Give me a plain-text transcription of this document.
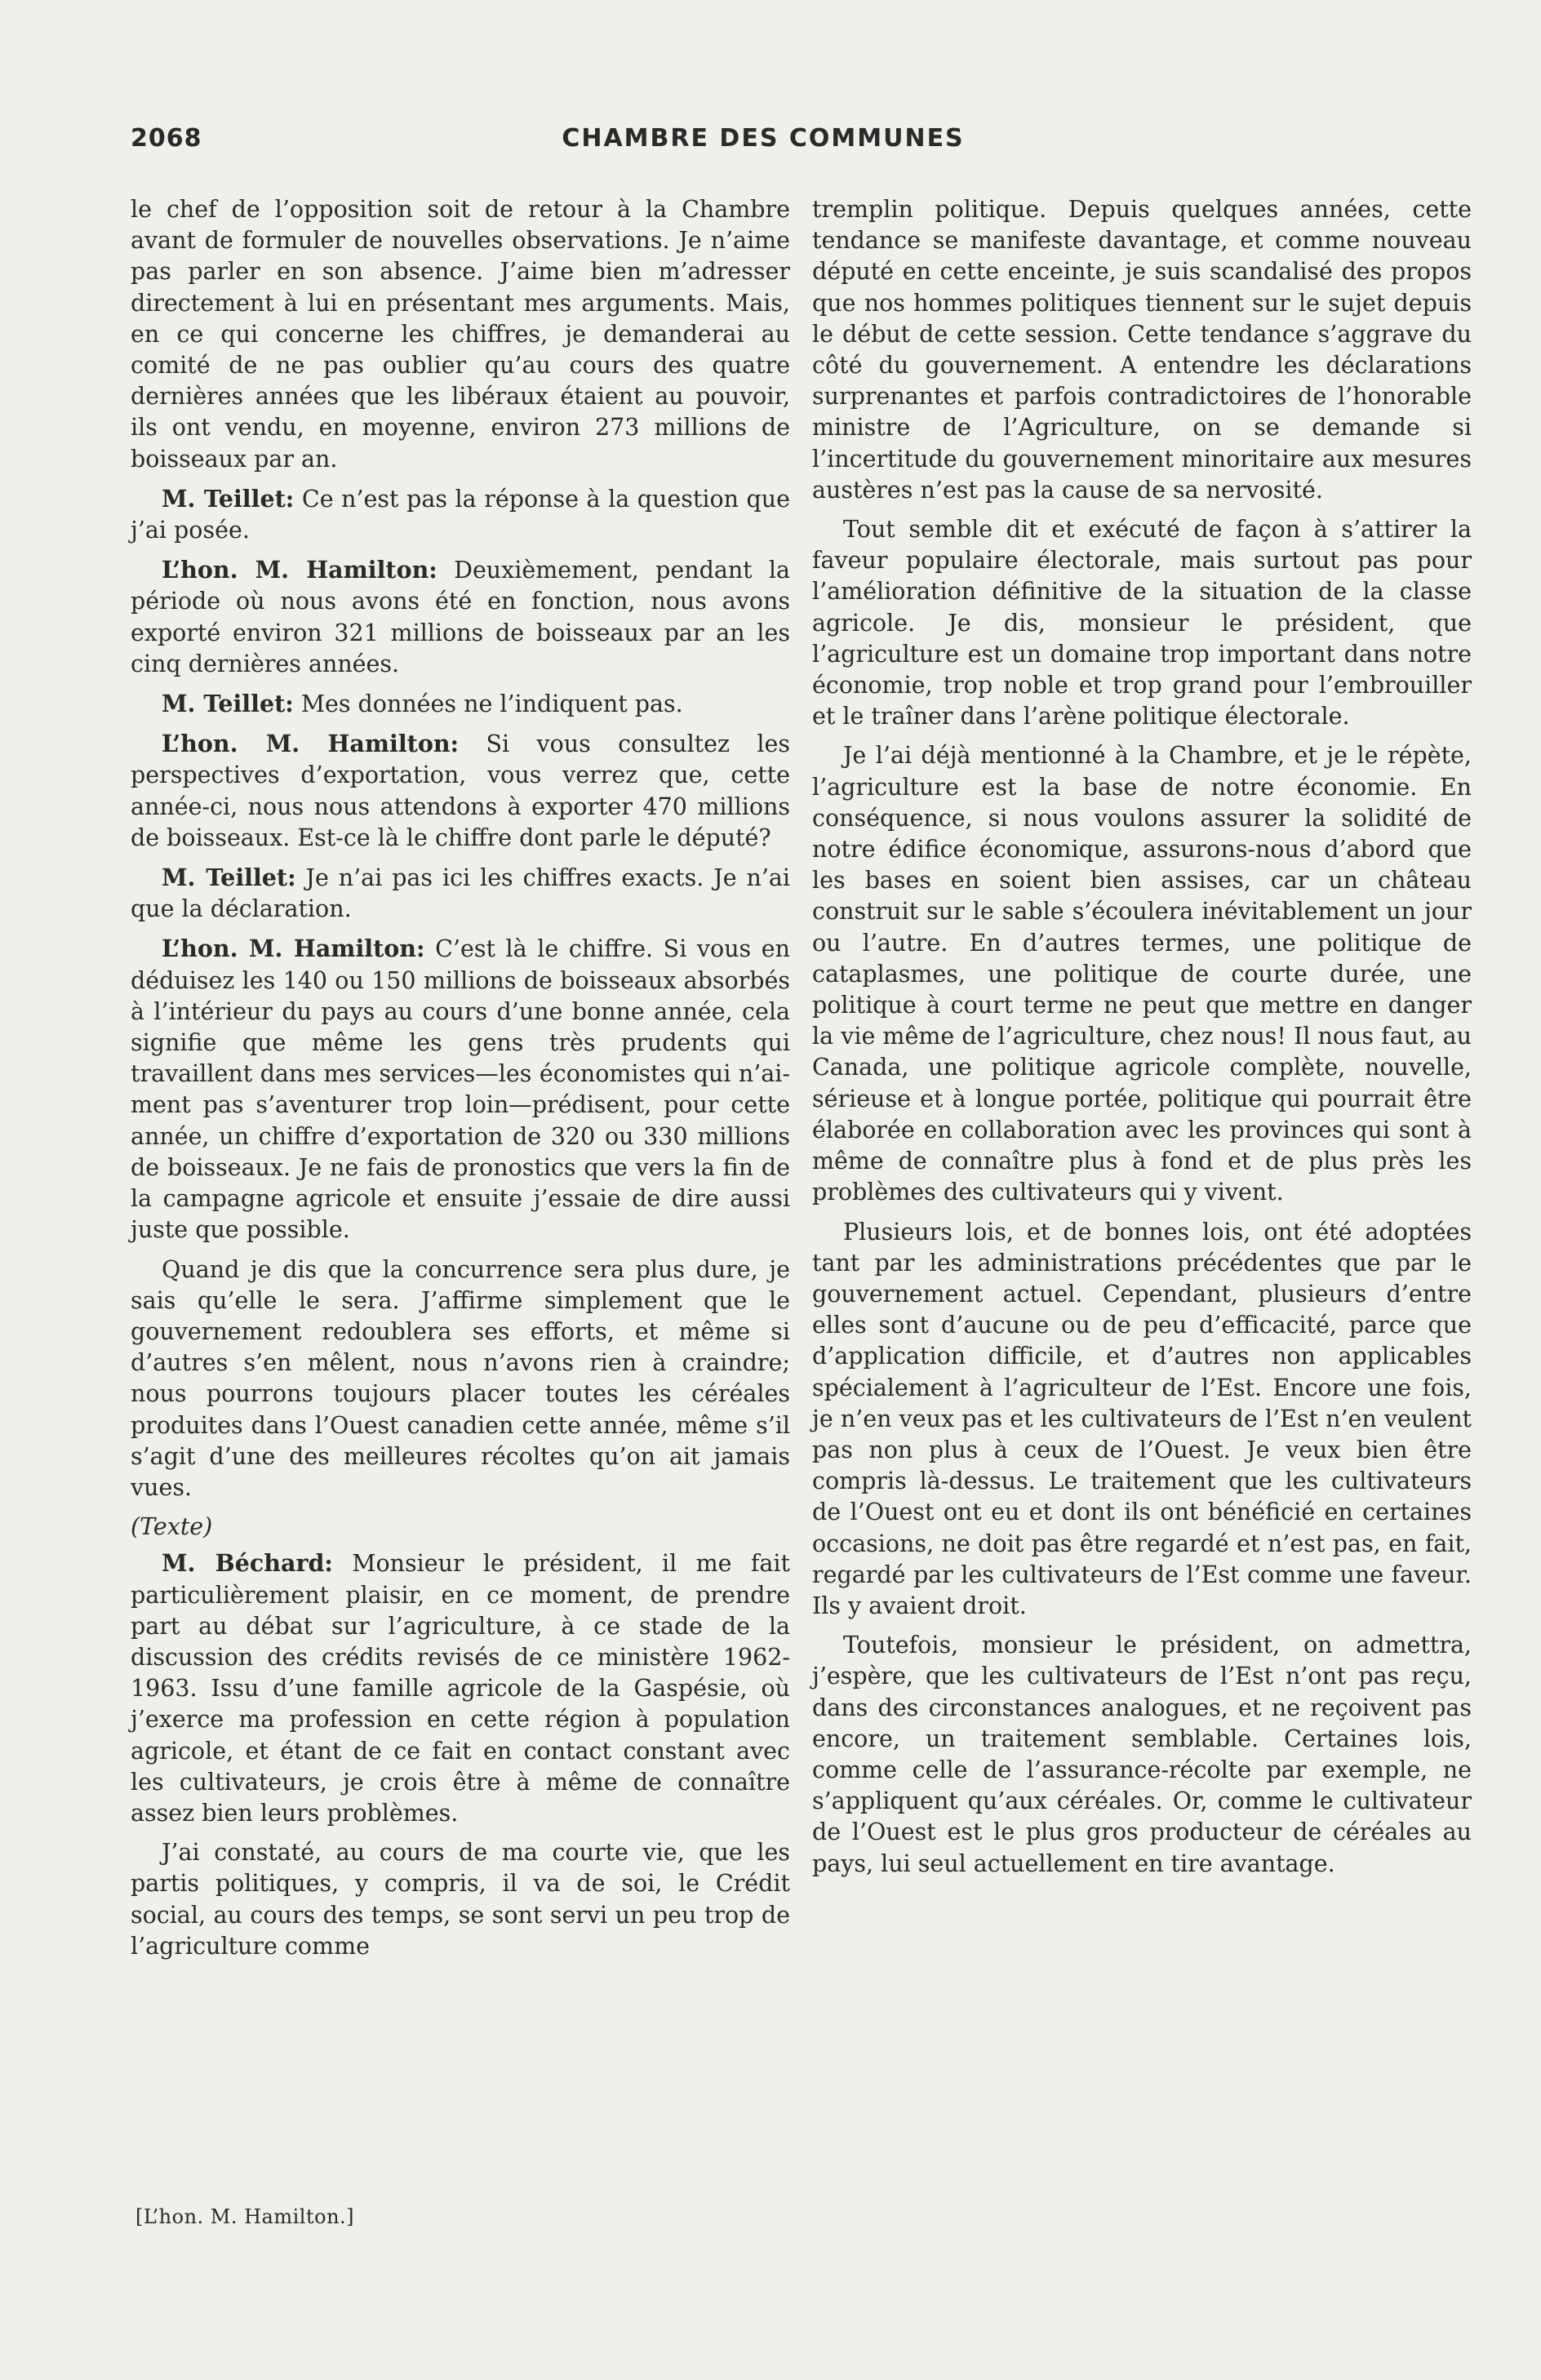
2068	CHAMBRE DES COMMUNES

le chef de l’opposition soit de retour à la Chambre avant de formuler de nouvelles observations. Je n’aime pas parler en son absence. J’aime bien m’adresser directement à lui en présentant mes arguments. Mais, en ce qui concerne les chiffres, je demanderai au comité de ne pas oublier qu’au cours des quatre dernières années que les libéraux étaient au pouvoir, ils ont vendu, en moyenne, environ 273 millions de boisseaux par an.

M. Teillet: Ce n’est pas la réponse à la question que j’ai posée.

L’hon. M. Hamilton: Deuxièmement, pendant la période où nous avons été en fonction, nous avons exporté environ 321 millions de boisseaux par an les cinq dernières années.

M. Teillet: Mes données ne l’indiquent pas.

L’hon. M. Hamilton: Si vous consultez les perspectives d’exportation, vous verrez que, cette année-ci, nous nous attendons à exporter 470 millions de boisseaux. Est-ce là le chiffre dont parle le député?

M. Teillet: Je n’ai pas ici les chiffres exacts. Je n’ai que la déclaration.

L’hon. M. Hamilton: C’est là le chiffre. Si vous en déduisez les 140 ou 150 millions de boisseaux absorbés à l’intérieur du pays au cours d’une bonne année, cela signifie que même les gens très prudents qui travaillent dans mes services—les économistes qui n’aiment pas s’aventurer trop loin—prédisent, pour cette année, un chiffre d’exportation de 320 ou 330 millions de boisseaux. Je ne fais de pronostics que vers la fin de la campagne agricole et ensuite j’essaie de dire aussi juste que possible.

Quand je dis que la concurrence sera plus dure, je sais qu’elle le sera. J’affirme simplement que le gouvernement redoublera ses efforts, et même si d’autres s’en mêlent, nous n’avons rien à craindre; nous pourrons toujours placer toutes les céréales produites dans l’Ouest canadien cette année, même s’il s’agit d’une des meilleures récoltes qu’on ait jamais vues.

(Texte)

M. Béchard: Monsieur le président, il me fait particulièrement plaisir, en ce moment, de prendre part au débat sur l’agriculture, à ce stade de la discussion des crédits revisés de ce ministère 1962-1963. Issu d’une famille agricole de la Gaspésie, où j’exerce ma profession en cette région à population agricole, et étant de ce fait en contact constant avec les cultivateurs, je crois être à même de connaître assez bien leurs problèmes.

J’ai constaté, au cours de ma courte vie, que les partis politiques, y compris, il va de soi, le Crédit social, au cours des temps, se sont servi un peu trop de l’agriculture comme

tremplin politique. Depuis quelques années, cette tendance se manifeste davantage, et comme nouveau député en cette enceinte, je suis scandalisé des propos que nos hommes politiques tiennent sur le sujet depuis le début de cette session. Cette tendance s’aggrave du côté du gouvernement. A entendre les déclarations surprenantes et parfois contradictoires de l’honorable ministre de l’Agriculture, on se demande si l’incertitude du gouvernement minoritaire aux mesures austères n’est pas la cause de sa nervosité.

Tout semble dit et exécuté de façon à s’attirer la faveur populaire électorale, mais surtout pas pour l’amélioration définitive de la situation de la classe agricole. Je dis, monsieur le président, que l’agriculture est un domaine trop important dans notre économie, trop noble et trop grand pour l’embrouiller et le traîner dans l’arène politique électorale.

Je l’ai déjà mentionné à la Chambre, et je le répète, l’agriculture est la base de notre économie. En conséquence, si nous voulons assurer la solidité de notre édifice économique, assurons-nous d’abord que les bases en soient bien assises, car un château construit sur le sable s’écoulera inévitablement un jour ou l’autre. En d’autres termes, une politique de cataplasmes, une politique de courte durée, une politique à court terme ne peut que mettre en danger la vie même de l’agriculture, chez nous! Il nous faut, au Canada, une politique agricole complète, nouvelle, sérieuse et à longue portée, politique qui pourrait être élaborée en collaboration avec les provinces qui sont à même de connaître plus à fond et de plus près les problèmes des cultivateurs qui y vivent.

Plusieurs lois, et de bonnes lois, ont été adoptées tant par les administrations précédentes que par le gouvernement actuel. Cependant, plusieurs d’entre elles sont d’aucune ou de peu d’efficacité, parce que d’application difficile, et d’autres non applicables spécialement à l’agriculteur de l’Est. Encore une fois, je n’en veux pas et les cultivateurs de l’Est n’en veulent pas non plus à ceux de l’Ouest. Je veux bien être compris là-dessus. Le traitement que les cultivateurs de l’Ouest ont eu et dont ils ont bénéficié en certaines occasions, ne doit pas être regardé et n’est pas, en fait, regardé par les cultivateurs de l’Est comme une faveur. Ils y avaient droit.

Toutefois, monsieur le président, on admettra, j’espère, que les cultivateurs de l’Est n’ont pas reçu, dans des circonstances analogues, et ne reçoivent pas encore, un traitement semblable. Certaines lois, comme celle de l’assurance-récolte par exemple, ne s’appliquent qu’aux céréales. Or, comme le cultivateur de l’Ouest est le plus gros producteur de céréales au pays, lui seul actuellement en tire avantage.

[L’hon. M. Hamilton.]
